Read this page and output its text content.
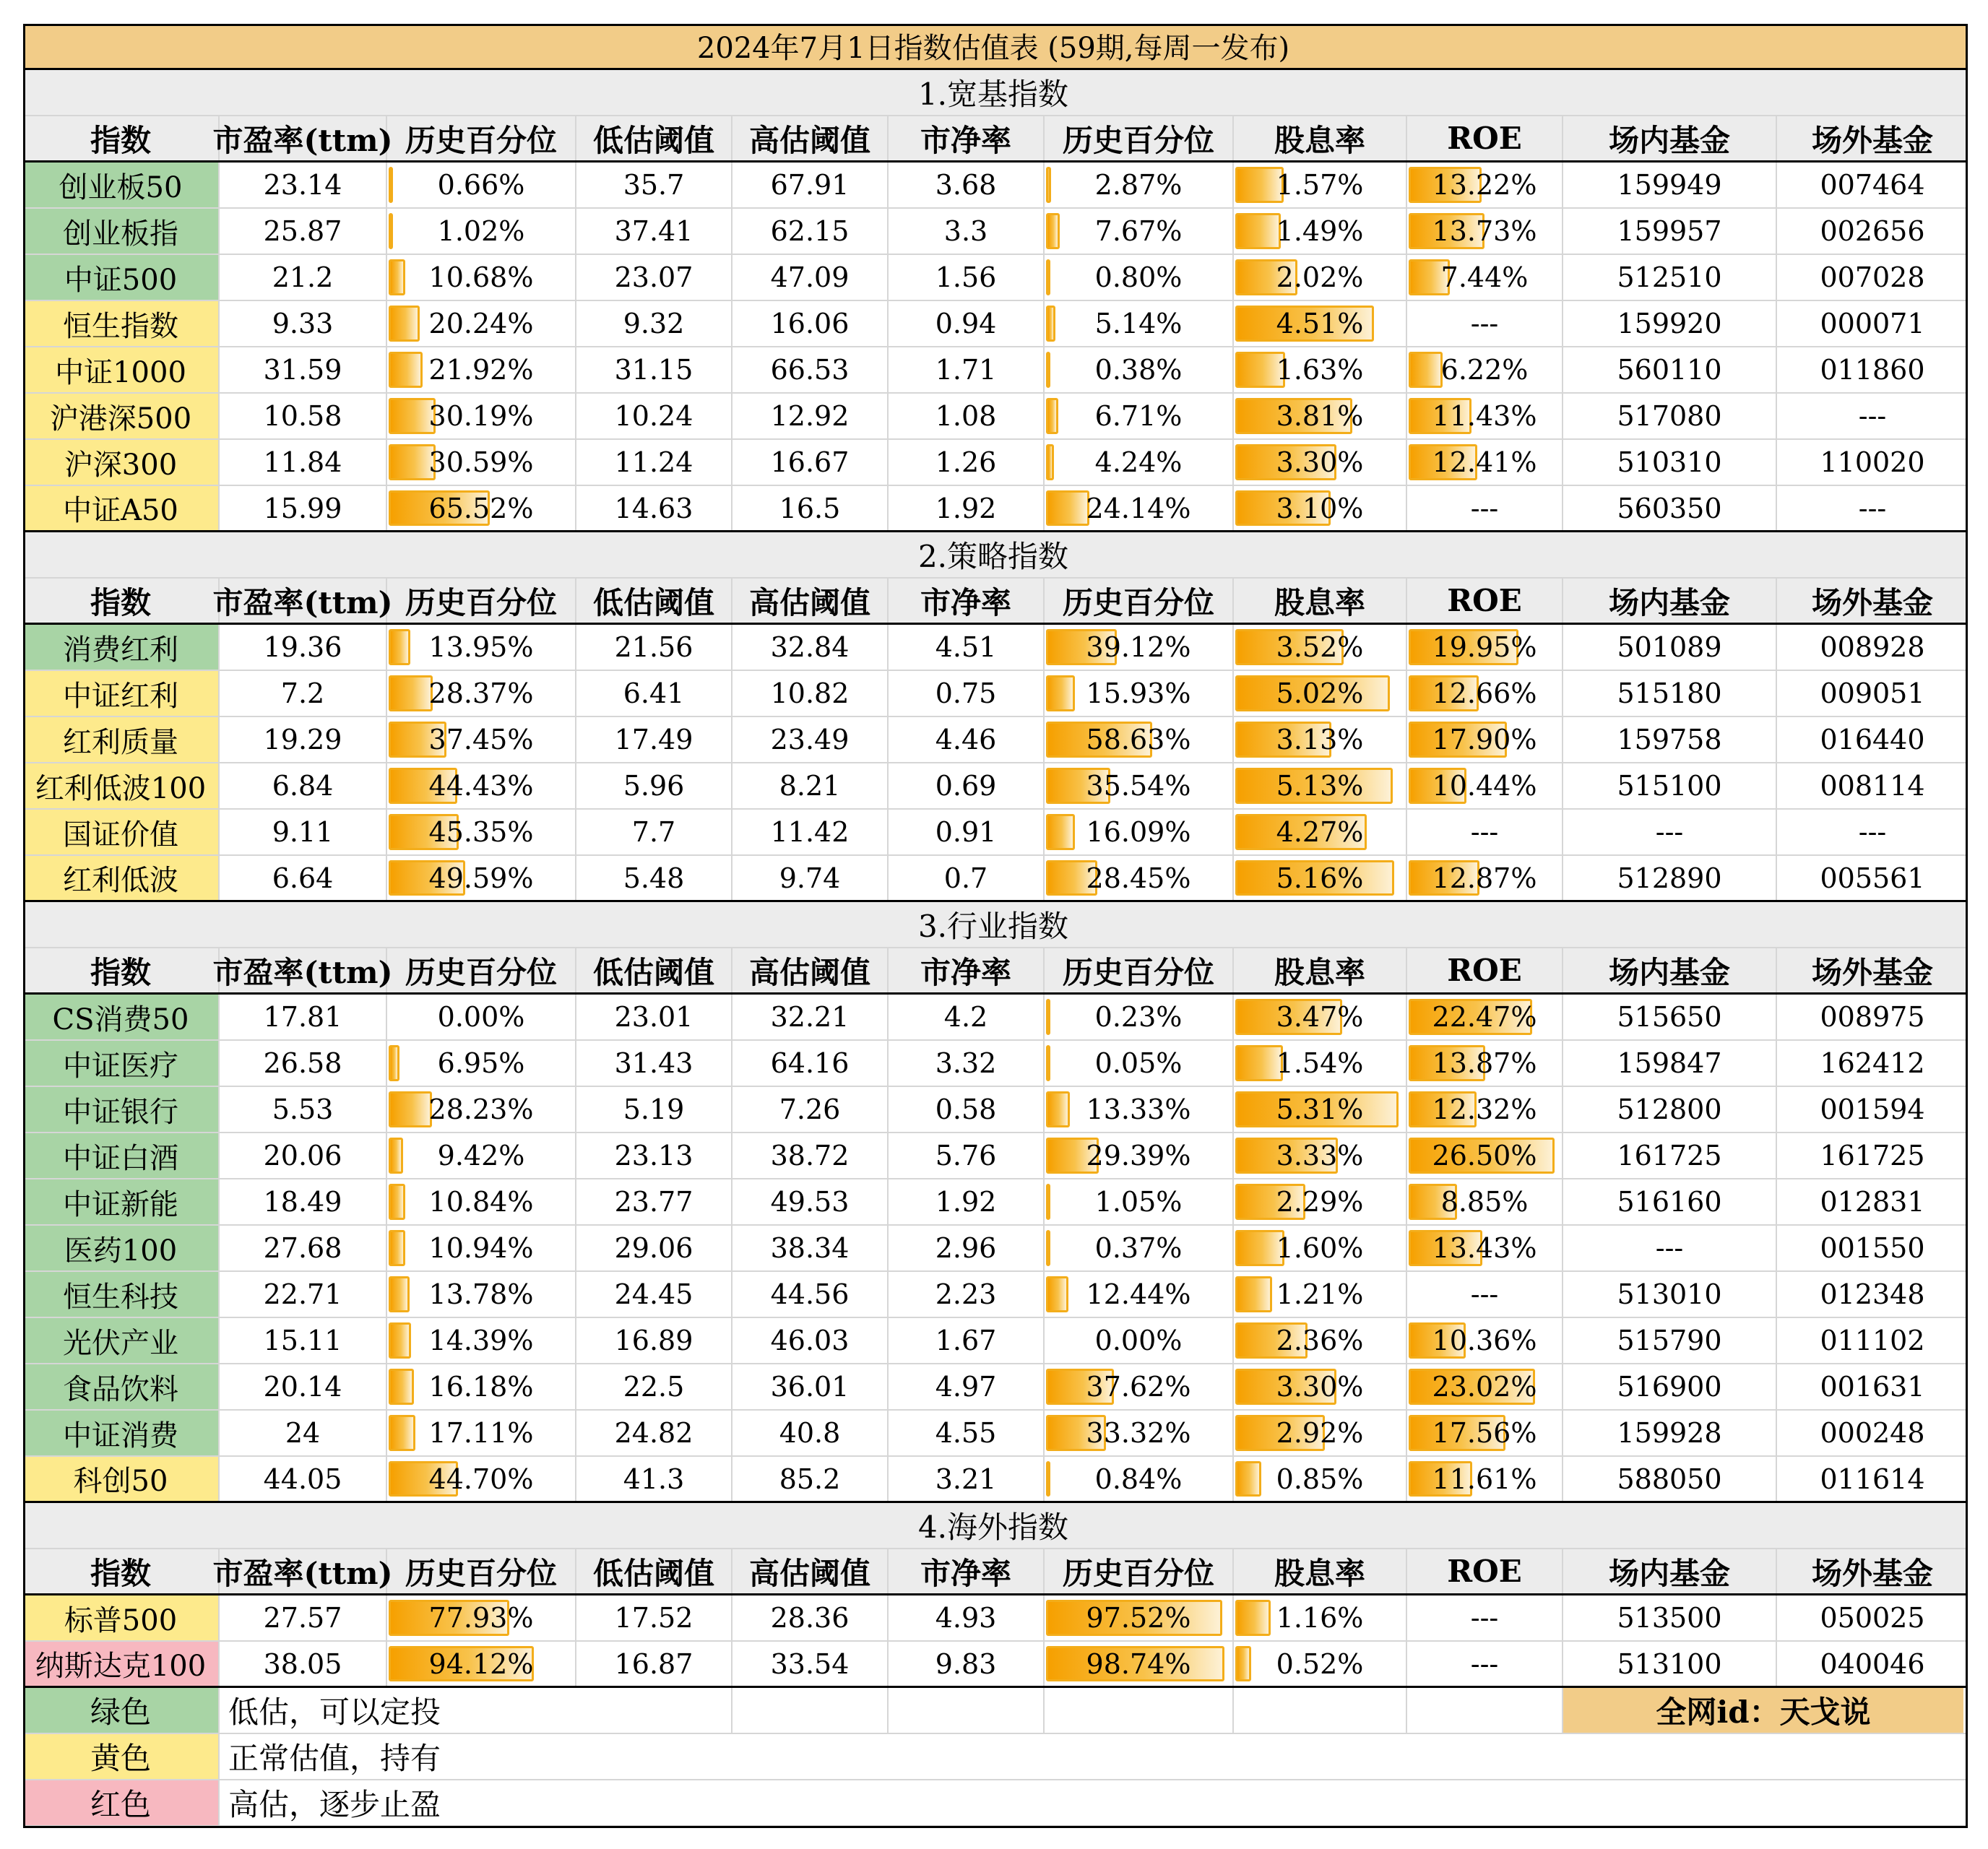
2024年7月1日指数估值表 (59期,每周一发布)
1.宽基指数
指数 市盈率(ttm) 历史百分位 低估阈值 高估阈值 市净率 历史百分位 股息率	ROE	场内基金	场外基金
创业板50	23.14	0.66%	35.7	67.91	3.68	2.87%	1.57%	13.22%	159949	007464
创业板指	25.87	1.02%	37.41	62.15	3.3	7.67%	1.49%	13.73%	159957	002656
中证500	21.2	10.68%	23.07	47.09	1.56	0.80%	2.02%	7.44%	512510	007028
恒生指数	9.33	20.24%	9.32	16.06	0.94	5.14%	4.51%	---	159920	000071
中证1000	31.59	21.92%	31.15	66.53	1.71	0.38%	1.63%	6.22%	560110	011860
沪港深500	10.58	30.19%	10.24	12.92	1.08	6.71%	3.81%	11.43%	517080	---
沪深300	11.84	30.59%	11.24	16.67	1.26	4.24%	3.30%	12.41%	510310	110020
中证A50	15.99	65.52%	14.63	16.5	1.92	24.14%	3.10%	---	560350	---
2.策略指数
指数 市盈率(ttm) 历史百分位 低估阈值 高估阈值 市净率 历史百分位 股息率	ROE	场内基金	场外基金
消费红利	19.36	13.95%	21.56	32.84	4.51	39.12%	3.52%	19.95%	501089	008928
中证红利	7.2	28.37%	6.41	10.82	0.75	15.93%	5.02%	12.66%	515180	009051
红利质量	19.29	37.45%	17.49	23.49	4.46	58.63%	3.13%	17.90%	159758	016440
红利低波100 6.84	44.43%	5.96	8.21	0.69	35.54%	5.13%	10.44%	515100	008114
国证价值	9.11	45.35%	7.7	11.42	0.91	16.09%	4.27%	---	---	---
红利低波	6.64	49.59%	5.48	9.74	0.7	28.45%	5.16%	12.87%	512890	005561
3.行业指数
指数 市盈率(ttm) 历史百分位 低估阈值 高估阈值 市净率 历史百分位 股息率	ROE	场内基金	场外基金
CS消费50	17.81	0.00%	23.01	32.21	4.2	0.23%	3.47%	22.47%	515650	008975
中证医疗	26.58	6.95%	31.43	64.16	3.32	0.05%	1.54%	13.87%	159847	162412
中证银行	5.53	28.23%	5.19	7.26	0.58	13.33%	5.31%	12.32%	512800	001594
中证白酒	20.06	9.42%	23.13	38.72	5.76	29.39%	3.33%	26.50%	161725	161725
中证新能	18.49	10.84%	23.77	49.53	1.92	1.05%	2.29%	8.85%	516160	012831
医药100	27.68	10.94%	29.06	38.34	2.96	0.37%	1.60%	13.43%	---	001550
恒生科技	22.71	13.78%	24.45	44.56	2.23	12.44%	1.21%	---	513010	012348
光伏产业	15.11	14.39%	16.89	46.03	1.67	0.00%	2.36%	10.36%	515790	011102
食品饮料	20.14	16.18%	22.5	36.01	4.97	37.62%	3.30%	23.02%	516900	001631
中证消费	24	17.11%	24.82	40.8	4.55	33.32%	2.92%	17.56%	159928	000248
科创50	44.05	44.70%	41.3	85.2	3.21	0.84%	0.85%	11.61%	588050	011614
4.海外指数
指数 市盈率(ttm) 历史百分位 低估阈值 高估阈值 市净率 历史百分位 股息率	ROE	场内基金	场外基金
标普500	27.57	77.93%	17.52	28.36	4.93	97.52%	1.16%	---	513500	050025
纳斯达克100 38.05	94.12%	16.87	33.54	9.83	98.74%	0.52%	---	513100	040046
绿色	低估，可以定投	全网id：天戈说
黄色	正常估值，持有
红色	高估，逐步止盈
